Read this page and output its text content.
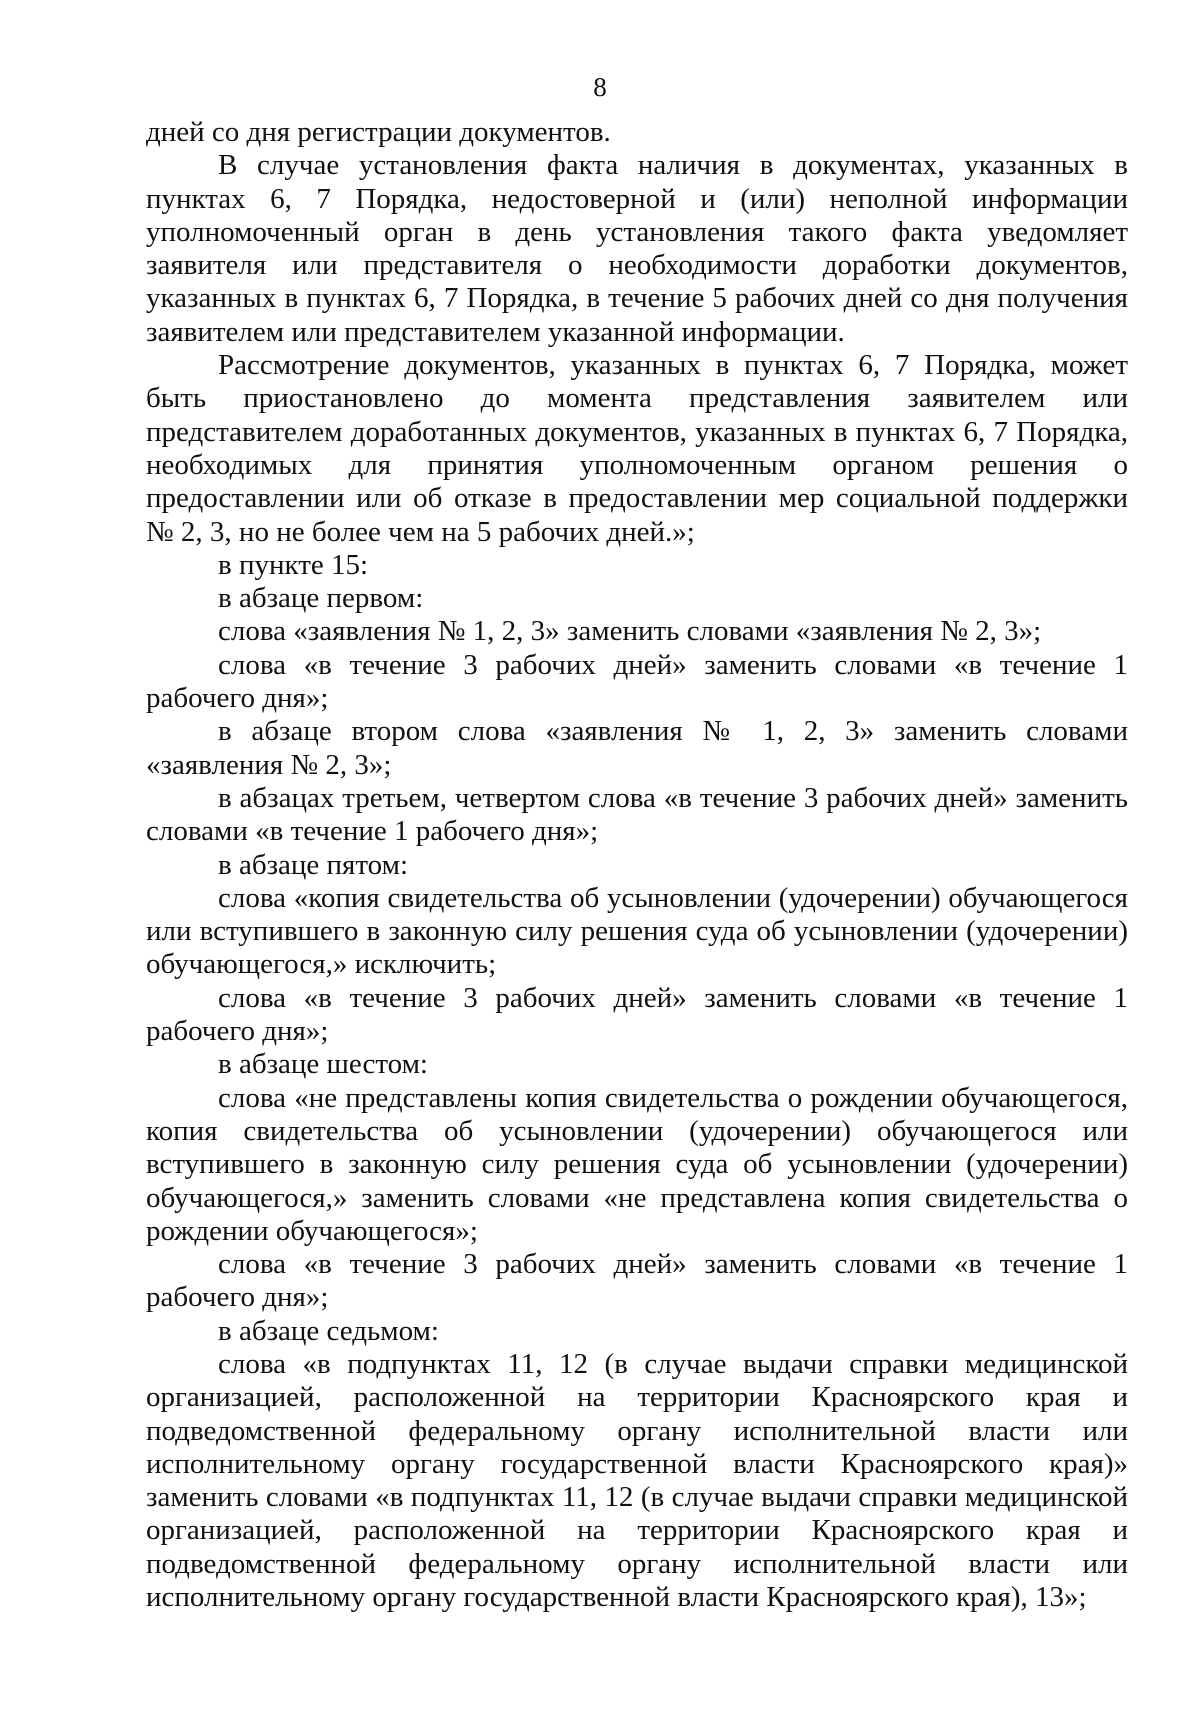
8

дней со дня регистрации документов.

В случае установления факта наличия в документах, указанных в пунктах 6, 7 Порядка, недостоверной и (или) неполной информации уполномоченный орган в день установления такого факта уведомляет заявителя или представителя о необходимости доработки документов, указанных в пунктах 6, 7 Порядка, в течение 5 рабочих дней со дня получения заявителем или представителем указанной информации.

Рассмотрение документов, указанных в пунктах 6, 7 Порядка, может быть приостановлено до момента представления заявителем или представителем доработанных документов, указанных в пунктах 6, 7 Порядка, необходимых для принятия уполномоченным органом решения о предоставлении или об отказе в предоставлении мер социальной поддержки № 2, 3, но не более чем на 5 рабочих дней.»;

в пункте 15:

в абзаце первом:

слова «заявления № 1, 2, 3» заменить словами «заявления № 2, 3»;

слова «в течение 3 рабочих дней» заменить словами «в течение 1 рабочего дня»;

в абзаце втором слова «заявления № 1, 2, 3» заменить словами «заявления № 2, 3»;

в абзацах третьем, четвертом слова «в течение 3 рабочих дней» заменить словами «в течение 1 рабочего дня»;

в абзаце пятом:

слова «копия свидетельства об усыновлении (удочерении) обучающегося или вступившего в законную силу решения суда об усыновлении (удочерении) обучающегося,» исключить;

слова «в течение 3 рабочих дней» заменить словами «в течение 1 рабочего дня»;

в абзаце шестом:

слова «не представлены копия свидетельства о рождении обучающегося, копия свидетельства об усыновлении (удочерении) обучающегося или вступившего в законную силу решения суда об усыновлении (удочерении) обучающегося,» заменить словами «не представлена копия свидетельства о рождении обучающегося»;

слова «в течение 3 рабочих дней» заменить словами «в течение 1 рабочего дня»;

в абзаце седьмом:

слова «в подпунктах 11, 12 (в случае выдачи справки медицинской организацией, расположенной на территории Красноярского края и подведомственной федеральному органу исполнительной власти или исполнительному органу государственной власти Красноярского края)» заменить словами «в подпунктах 11, 12 (в случае выдачи справки медицинской организацией, расположенной на территории Красноярского края и подведомственной федеральному органу исполнительной власти или исполнительному органу государственной власти Красноярского края), 13»;
